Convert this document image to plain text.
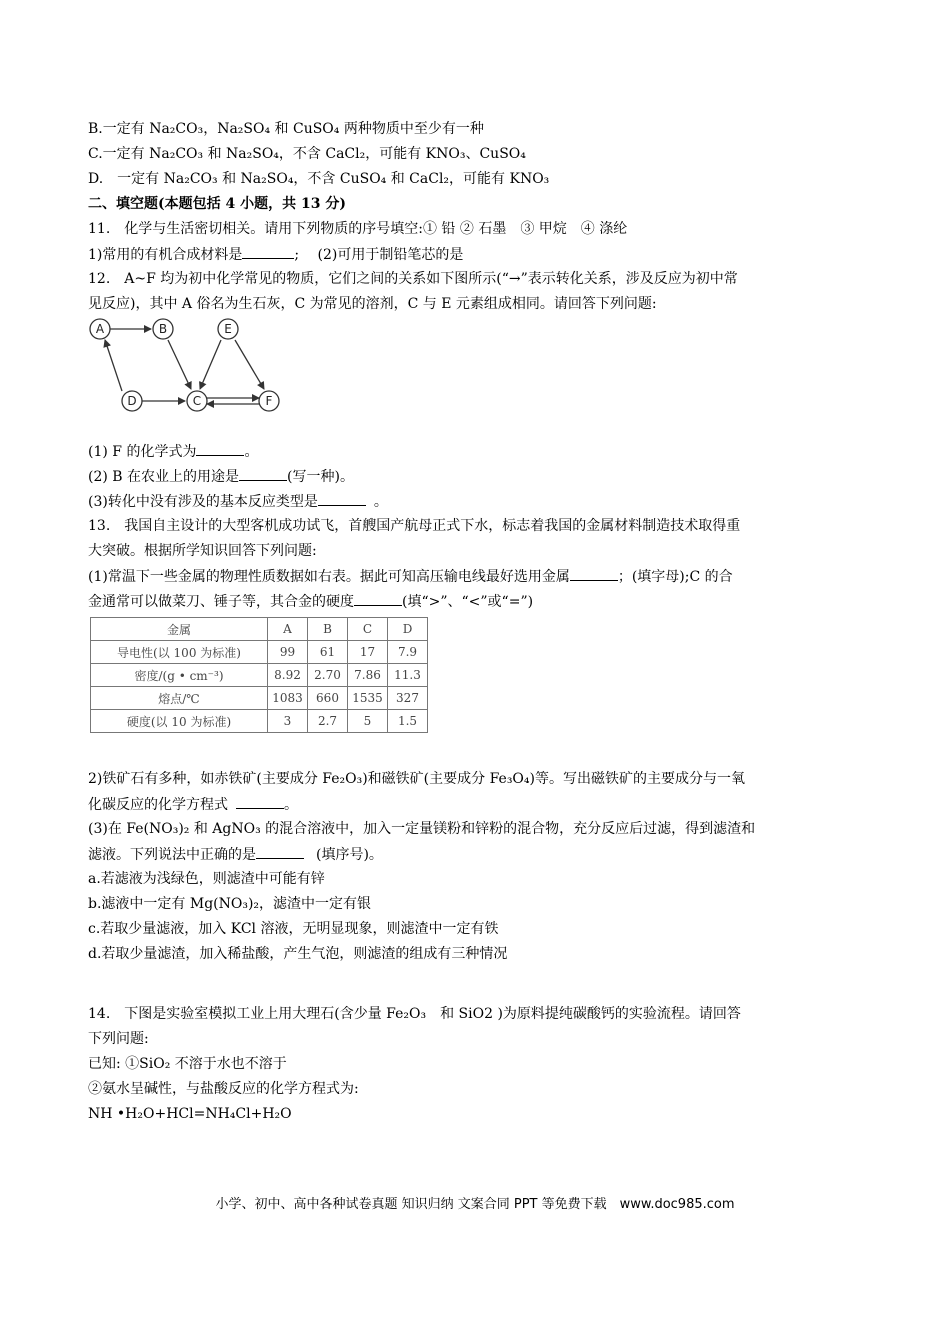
B.一定有 Na₂CO₃，Na₂SO₄ 和 CuSO₄ 两种物质中至少有一种
C.一定有 Na₂CO₃ 和 Na₂SO₄，不含 CaCl₂，可能有 KNO₃、CuSO₄
D.　一定有 Na₂CO₃ 和 Na₂SO₄，不含 CuSO₄ 和 CaCl₂，可能有 KNO₃
二、填空题(本题包括 4 小题，共 13 分)
11.　化学与生活密切相关。请用下列物质的序号填空:① 铅 ② 石墨　③ 甲烷　④ 涤纶
1)常用的有机合成材料是	;　 (2)可用于制铅笔芯的是
12.　A~F 均为初中化学常见的物质，它们之间的关系如下图所示(“→”表示转化关系，涉及反应为初中常
见反应)，其中 A 俗名为生石灰，C 为常见的溶剂，C 与 E 元素组成相同。请回答下列问题:
A	B	E
D	C	F
(1) F 的化学式为	。
(2) B 在农业上的用途是	(写一种)。
(3)转化中没有涉及的基本反应类型是	。
13.　我国自主设计的大型客机成功试飞，首艘国产航母正式下水，标志着我国的金属材料制造技术取得重
大突破。根据所学知识回答下列问题:
(1)常温下一些金属的物理性质数据如右表。据此可知高压输电线最好选用金属	；(填字母);C 的合
金通常可以做菜刀、锤子等，其合金的硬度	(填“>”、“<”或“=”)
金属	A	B	C	D
导电性(以 100 为标准)	99	61	17	7.9
密度/(g • cm⁻³)	8.92	2.70	7.86	11.3
熔点/℃	1083	660	1535	327
硬度(以 10 为标准)	3	2.7	5	1.5
2)铁矿石有多种，如赤铁矿(主要成分 Fe₂O₃)和磁铁矿(主要成分 Fe₃O₄)等。写出磁铁矿的主要成分与一氧
化碳反应的化学方程式	。
(3)在 Fe(NO₃)₂ 和 AgNO₃ 的混合溶液中，加入一定量镁粉和锌粉的混合物，充分反应后过滤，得到滤渣和
滤液。下列说法中正确的是	(填序号)。
a.若滤液为浅绿色，则滤渣中可能有锌
b.滤液中一定有 Mg(NO₃)₂，滤渣中一定有银
c.若取少量滤液，加入 KCl 溶液，无明显现象，则滤渣中一定有铁
d.若取少量滤渣，加入稀盐酸，产生气泡，则滤渣的组成有三种情况
14.　下图是实验室模拟工业上用大理石(含少量 Fe₂O₃　和 SiO2 )为原料提纯碳酸钙的实验流程。请回答
下列问题:
已知: ①SiO₂ 不溶于水也不溶于
②氨水呈碱性，与盐酸反应的化学方程式为:
NH •H₂O+HCl=NH₄Cl+H₂O
小学、初中、高中各种试卷真题 知识归纳 文案合同 PPT 等免费下载　www.doc985.com
